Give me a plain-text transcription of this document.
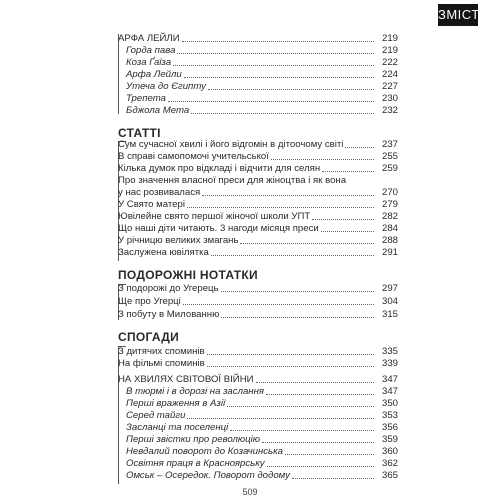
ЗМІСТ
АРФА ЛЕЙЛИ	219
Горда пава	219
Коза Ґаїза	222
Арфа Лейли	224
Утеча до Єгипту	227
Трепета	230
Бджола Мета	232
СТАТТІ
Сум сучасної хвилі і його відгомін в дітоочому світі	237
В справі самопомочі учительської	255
Кілька думок про відкладі і відчити для селян	259
Про значення власної преси для жіноцтва і як вона
у нас розвивалася	270
У Свято матері	279
Ювілейне свято першої жіночої школи УПТ	282
Що наші діти читають. 3 нагоди місяця преси	284
У річницю великих змагань	288
Заслужена ювілятка	291
ПОДОРОЖНІ НОТАТКИ
З подорожі до Угерець	297
Ще про Угерці	304
З побуту в Милованню	315
СПОГАДИ
З дитячих споминів	335
На фільмі споминів	339
НА ХВИЛЯХ СВІТОВОЇ ВІЙНИ	347
В тюрмі і в дорозі на заслання	347
Перші враження в Азії	350
Серед тайги	353
Засланці та поселенці	356
Перші звістки про революцію	359
Невдалий поворот до Козачинська	360
Освітня праця в Красноярську	362
Омськ – Осередок. Поворот додому	365
509
